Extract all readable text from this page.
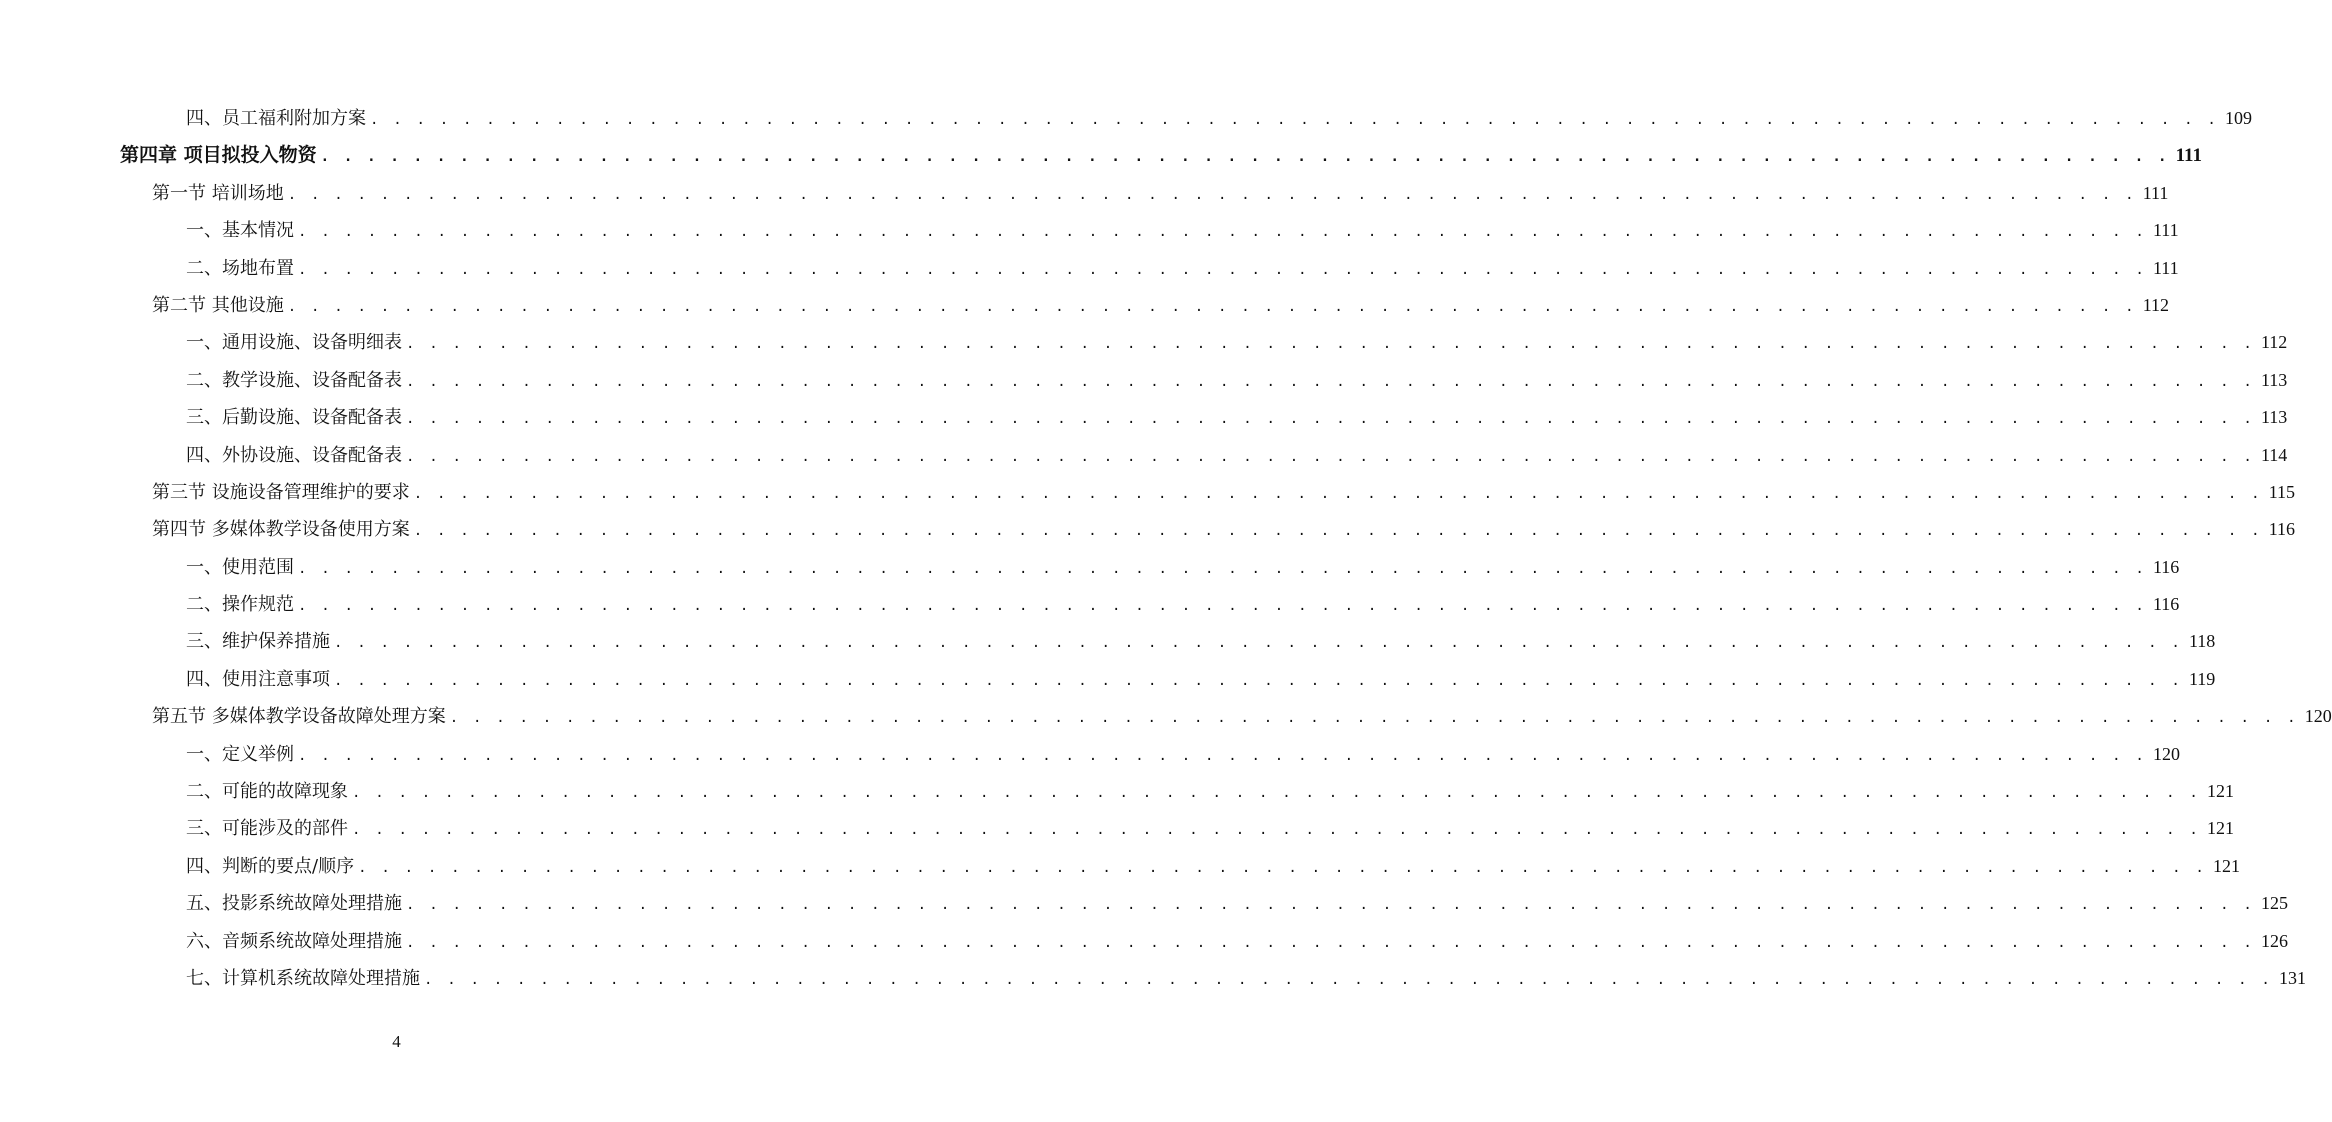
四、员工福利附加方案 . . . . . . . . . . . . . . . . . . . . . . . . . . . . . . . . . . . . . . . . . . . . . . . . . . . . . . . . . . . . . . . . . . . . . . . . . . . . . . . . 109
第四章 项目拟投入物资 . . . . . . . . . . . . . . . . . . . . . . . . . . . . . . . . . . . . . . . . . . . . . . . . . . . . . . . . . . . . . . . . . . . . . . . . . . . . . . . . 111
第一节 培训场地 . . . . . . . . . . . . . . . . . . . . . . . . . . . . . . . . . . . . . . . . . . . . . . . . . . . . . . . . . . . . . . . . . . . . . . . . . . . . . . . . 111
一、基本情况 . . . . . . . . . . . . . . . . . . . . . . . . . . . . . . . . . . . . . . . . . . . . . . . . . . . . . . . . . . . . . . . . . . . . . . . . . . . . . . . . 111
二、场地布置 . . . . . . . . . . . . . . . . . . . . . . . . . . . . . . . . . . . . . . . . . . . . . . . . . . . . . . . . . . . . . . . . . . . . . . . . . . . . . . . . 111
第二节 其他设施 . . . . . . . . . . . . . . . . . . . . . . . . . . . . . . . . . . . . . . . . . . . . . . . . . . . . . . . . . . . . . . . . . . . . . . . . . . . . . . . . 112
一、通用设施、设备明细表 . . . . . . . . . . . . . . . . . . . . . . . . . . . . . . . . . . . . . . . . . . . . . . . . . . . . . . . . . . . . . . . . . . . . . . . . . . . . . . . . 112
二、教学设施、设备配备表 . . . . . . . . . . . . . . . . . . . . . . . . . . . . . . . . . . . . . . . . . . . . . . . . . . . . . . . . . . . . . . . . . . . . . . . . . . . . . . . . 113
三、后勤设施、设备配备表 . . . . . . . . . . . . . . . . . . . . . . . . . . . . . . . . . . . . . . . . . . . . . . . . . . . . . . . . . . . . . . . . . . . . . . . . . . . . . . . . 113
四、外协设施、设备配备表 . . . . . . . . . . . . . . . . . . . . . . . . . . . . . . . . . . . . . . . . . . . . . . . . . . . . . . . . . . . . . . . . . . . . . . . . . . . . . . . . 114
第三节 设施设备管理维护的要求 . . . . . . . . . . . . . . . . . . . . . . . . . . . . . . . . . . . . . . . . . . . . . . . . . . . . . . . . . . . . . . . . . . . . . . . . . . . . . . . . 115
第四节 多媒体教学设备使用方案 . . . . . . . . . . . . . . . . . . . . . . . . . . . . . . . . . . . . . . . . . . . . . . . . . . . . . . . . . . . . . . . . . . . . . . . . . . . . . . . . 116
一、使用范围 . . . . . . . . . . . . . . . . . . . . . . . . . . . . . . . . . . . . . . . . . . . . . . . . . . . . . . . . . . . . . . . . . . . . . . . . . . . . . . . . 116
二、操作规范 . . . . . . . . . . . . . . . . . . . . . . . . . . . . . . . . . . . . . . . . . . . . . . . . . . . . . . . . . . . . . . . . . . . . . . . . . . . . . . . . 116
三、维护保养措施 . . . . . . . . . . . . . . . . . . . . . . . . . . . . . . . . . . . . . . . . . . . . . . . . . . . . . . . . . . . . . . . . . . . . . . . . . . . . . . . . 118
四、使用注意事项 . . . . . . . . . . . . . . . . . . . . . . . . . . . . . . . . . . . . . . . . . . . . . . . . . . . . . . . . . . . . . . . . . . . . . . . . . . . . . . . . 119
第五节 多媒体教学设备故障处理方案 . . . . . . . . . . . . . . . . . . . . . . . . . . . . . . . . . . . . . . . . . . . . . . . . . . . . . . . . . . . . . . . . . . . . . . . . . . . . . . . . 120
一、定义举例 . . . . . . . . . . . . . . . . . . . . . . . . . . . . . . . . . . . . . . . . . . . . . . . . . . . . . . . . . . . . . . . . . . . . . . . . . . . . . . . . 120
二、可能的故障现象 . . . . . . . . . . . . . . . . . . . . . . . . . . . . . . . . . . . . . . . . . . . . . . . . . . . . . . . . . . . . . . . . . . . . . . . . . . . . . . . . 121
三、可能涉及的部件 . . . . . . . . . . . . . . . . . . . . . . . . . . . . . . . . . . . . . . . . . . . . . . . . . . . . . . . . . . . . . . . . . . . . . . . . . . . . . . . . 121
四、判断的要点/顺序 . . . . . . . . . . . . . . . . . . . . . . . . . . . . . . . . . . . . . . . . . . . . . . . . . . . . . . . . . . . . . . . . . . . . . . . . . . . . . . . . 121
五、投影系统故障处理措施 . . . . . . . . . . . . . . . . . . . . . . . . . . . . . . . . . . . . . . . . . . . . . . . . . . . . . . . . . . . . . . . . . . . . . . . . . . . . . . . . 125
六、音频系统故障处理措施 . . . . . . . . . . . . . . . . . . . . . . . . . . . . . . . . . . . . . . . . . . . . . . . . . . . . . . . . . . . . . . . . . . . . . . . . . . . . . . . . 126
七、计算机系统故障处理措施 . . . . . . . . . . . . . . . . . . . . . . . . . . . . . . . . . . . . . . . . . . . . . . . . . . . . . . . . . . . . . . . . . . . . . . . . . . . . . . . . 131
4
